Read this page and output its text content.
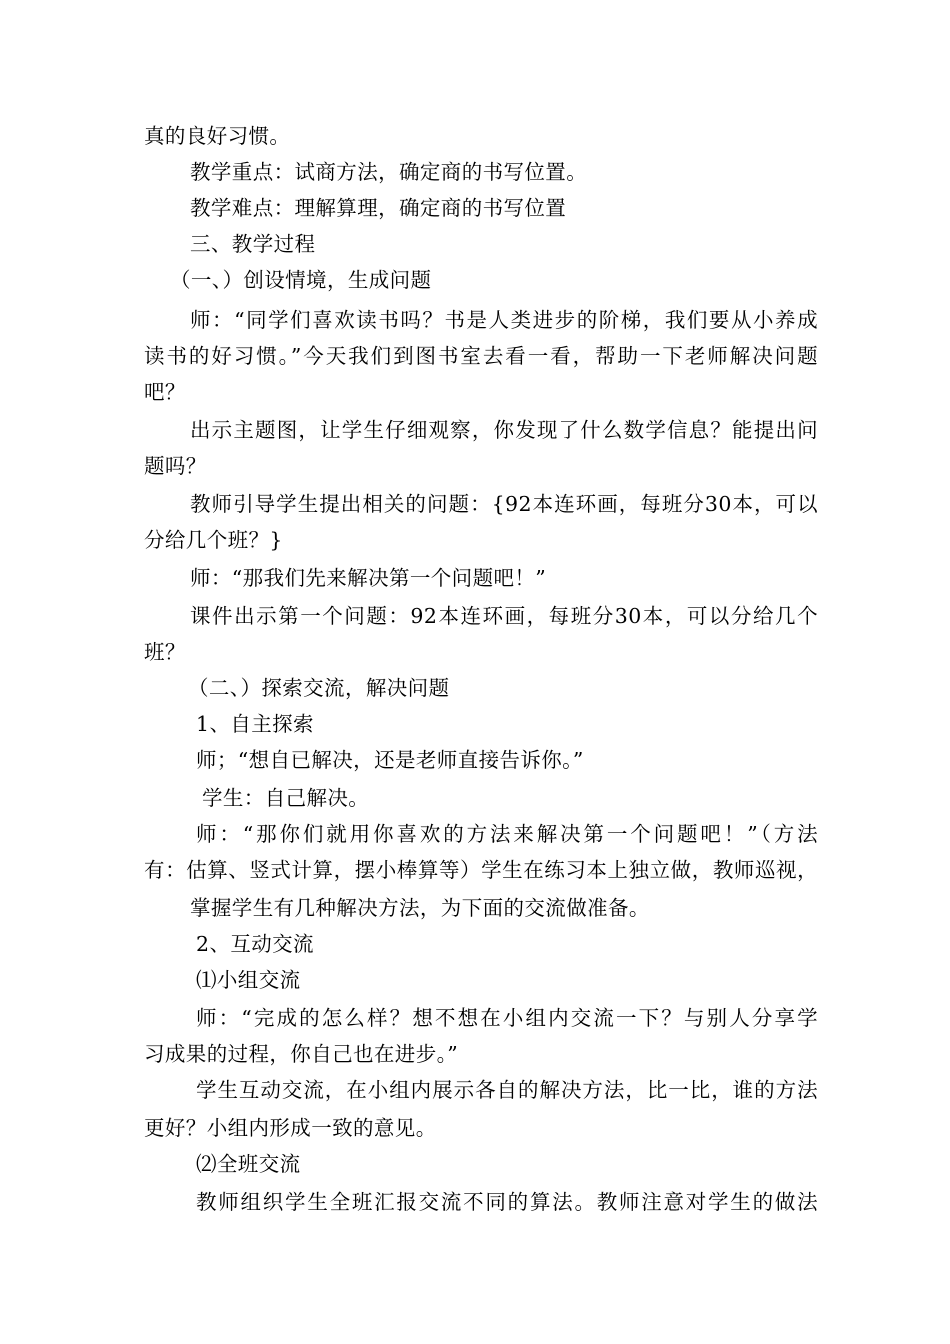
真的良好习惯。
教学重点：试商方法，确定商的书写位置。
教学难点：理解算理，确定商的书写位置
三、教学过程
（一、）创设情境，生成问题
师：“同学们喜欢读书吗？书是人类进步的阶梯，我们要从小养成
读书的好习惯。”今天我们到图书室去看一看，帮助一下老师解决问题
吧？
出示主题图，让学生仔细观察，你发现了什么数学信息？能提出问
题吗？
教师引导学生提出相关的问题：{92本连环画，每班分30本，可以
分给几个班？}
师：“那我们先来解决第一个问题吧！”
课件出示第一个问题：92本连环画，每班分30本，可以分给几个
班？
（二、）探索交流，解决问题
1、自主探索
师；“想自已解决，还是老师直接告诉你。”
学生：自己解决。
师：“那你们就用你喜欢的方法来解决第一个问题吧！”（方法
有：估算、竖式计算，摆小棒算等）学生在练习本上独立做，教师巡视，
掌握学生有几种解决方法，为下面的交流做准备。
2、互动交流
⑴小组交流
师：“完成的怎么样？想不想在小组内交流一下？与别人分享学
习成果的过程，你自己也在进步。”
学生互动交流，在小组内展示各自的解决方法，比一比，谁的方法
更好？小组内形成一致的意见。
⑵全班交流
教师组织学生全班汇报交流不同的算法。教师注意对学生的做法
